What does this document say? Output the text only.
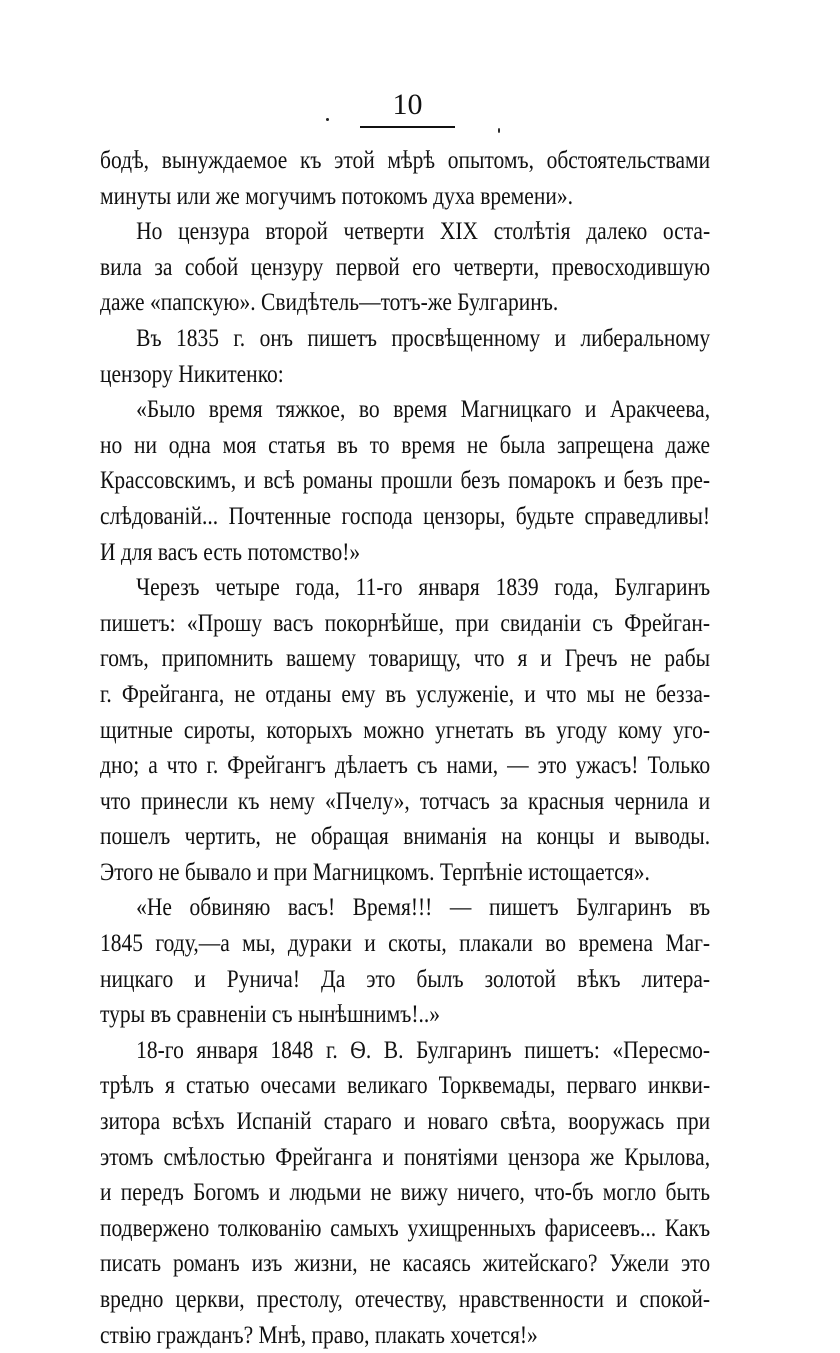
10
бодѣ, вынуждаемое къ этой мѣрѣ опытомъ, обстоятельствами
минуты или же могучимъ потокомъ духа времени».
Но цензура второй четверти XIX столѣтія далеко оста-
вила за собой цензуру первой его четверти, превосходившую
даже «папскую». Свидѣтель—тотъ-же Булгаринъ.
Въ 1835 г. онъ пишетъ просвѣщенному и либеральному
цензору Никитенко:
«Было время тяжкое, во время Магницкаго и Аракчеева,
но ни одна моя статья въ то время не была запрещена даже
Крассовскимъ, и всѣ романы прошли безъ помарокъ и безъ пре-
слѣдованій... Почтенные господа цензоры, будьте справедливы!
И для васъ есть потомство!»
Черезъ четыре года, 11-го января 1839 года, Булгаринъ
пишетъ: «Прошу васъ покорнѣйше, при свиданіи съ Фрейган-
гомъ, припомнить вашему товарищу, что я и Гречъ не рабы
г. Фрейганга, не отданы ему въ услуженіе, и что мы не безза-
щитные сироты, которыхъ можно угнетать въ угоду кому уго-
дно; а что г. Фрейгангъ дѣлаетъ съ нами, — это ужасъ! Только
что принесли къ нему «Пчелу», тотчасъ за красныя чернила и
пошелъ чертить, не обращая вниманія на концы и выводы.
Этого не бывало и при Магницкомъ. Терпѣніе истощается».
«Не обвиняю васъ! Время!!! — пишетъ Булгаринъ въ
1845 году,—а мы, дураки и скоты, плакали во времена Маг-
ницкаго и Рунича! Да это былъ золотой вѣкъ литера-
туры въ сравненіи съ нынѣшнимъ!..»
18-го января 1848 г. Ѳ. В. Булгаринъ пишетъ: «Пересмо-
трѣлъ я статью очесами великаго Торквемады, перваго инкви-
зитора всѣхъ Испаній стараго и новаго свѣта, вооружась при
этомъ смѣлостью Фрейганга и понятіями цензора же Крылова,
и передъ Богомъ и людьми не вижу ничего, что-бъ могло быть
подвержено толкованію самыхъ ухищренныхъ фарисеевъ... Какъ
писать романъ изъ жизни, не касаясь житейскаго? Ужели это
вредно церкви, престолу, отечеству, нравственности и спокой-
ствію гражданъ? Мнѣ, право, плакать хочется!»
